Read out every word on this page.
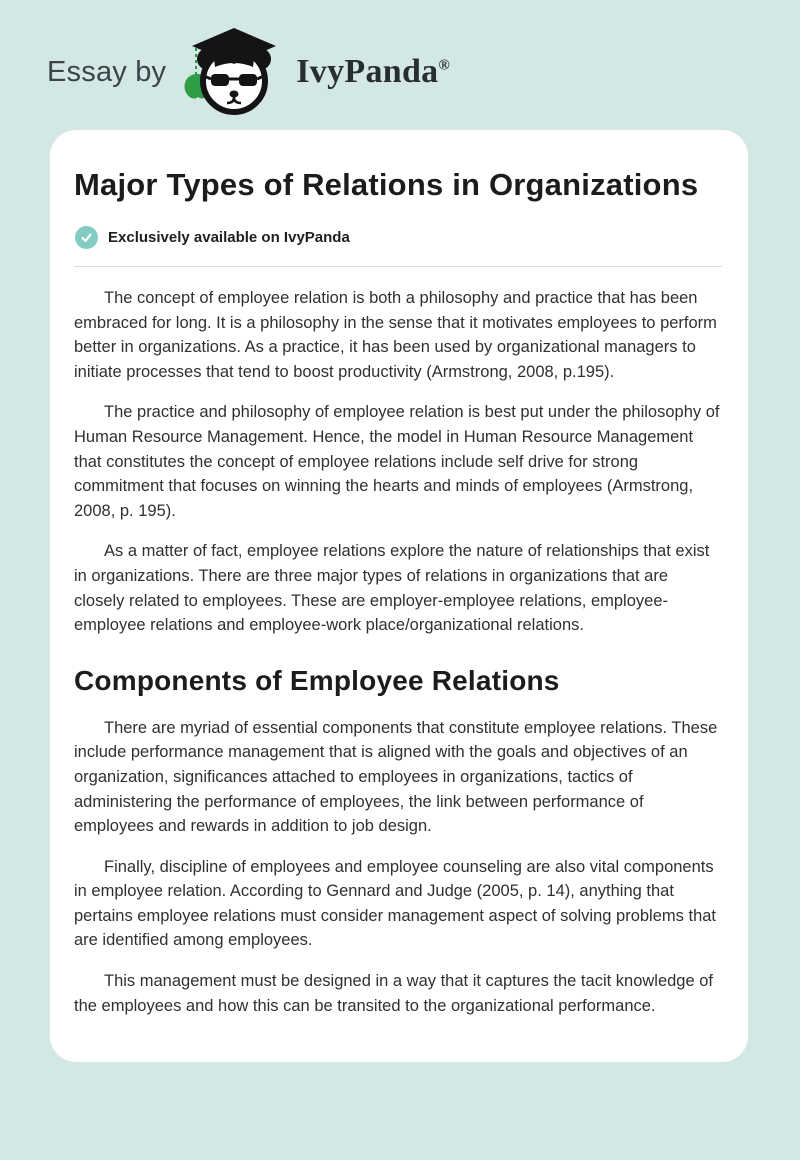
Essay by	IvyPanda®
Major Types of Relations in Organizations
Exclusively available on IvyPanda

The concept of employee relation is both a philosophy and practice that has been embraced for long. It is a philosophy in the sense that it motivates employees to perform better in organizations. As a practice, it has been used by organizational managers to initiate processes that tend to boost productivity (Armstrong, 2008, p.195).

The practice and philosophy of employee relation is best put under the philosophy of Human Resource Management. Hence, the model in Human Resource Management that constitutes the concept of employee relations include self drive for strong commitment that focuses on winning the hearts and minds of employees (Armstrong, 2008, p. 195).

As a matter of fact, employee relations explore the nature of relationships that exist in organizations. There are three major types of relations in organizations that are closely related to employees. These are employer-employee relations, employee-employee relations and employee-work place/organizational relations.

Components of Employee Relations

There are myriad of essential components that constitute employee relations. These include performance management that is aligned with the goals and objectives of an organization, significances attached to employees in organizations, tactics of administering the performance of employees, the link between performance of employees and rewards in addition to job design.

Finally, discipline of employees and employee counseling are also vital components in employee relation. According to Gennard and Judge (2005, p. 14), anything that pertains employee relations must consider management aspect of solving problems that are identified among employees.

This management must be designed in a way that it captures the tacit knowledge of the employees and how this can be transited to the organizational performance.
